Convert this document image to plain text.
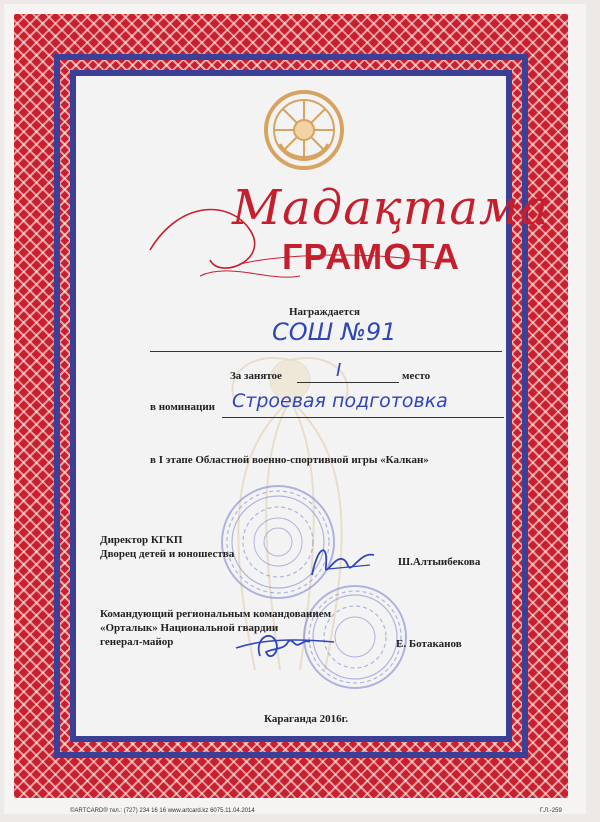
Мадақтама
ГРАМОТА
Награждается
СОШ №91
За занятое	I	место
в номинации Строевая подготовка
в I этапе Областной военно-спортивной игры «Калкан»
Директор КГКП
Дворец детей и юношества
Ш.Алтыибекова
Командующий региональным командованием
«Орталык» Национальной гвардии
генерал-майор	Е. Ботаканов
Караганда 2016г.
©ARTCARD® тел.: (727) 234 16 16 www.artcard.kz 6075.11.04.2014	Г.Л.-259
